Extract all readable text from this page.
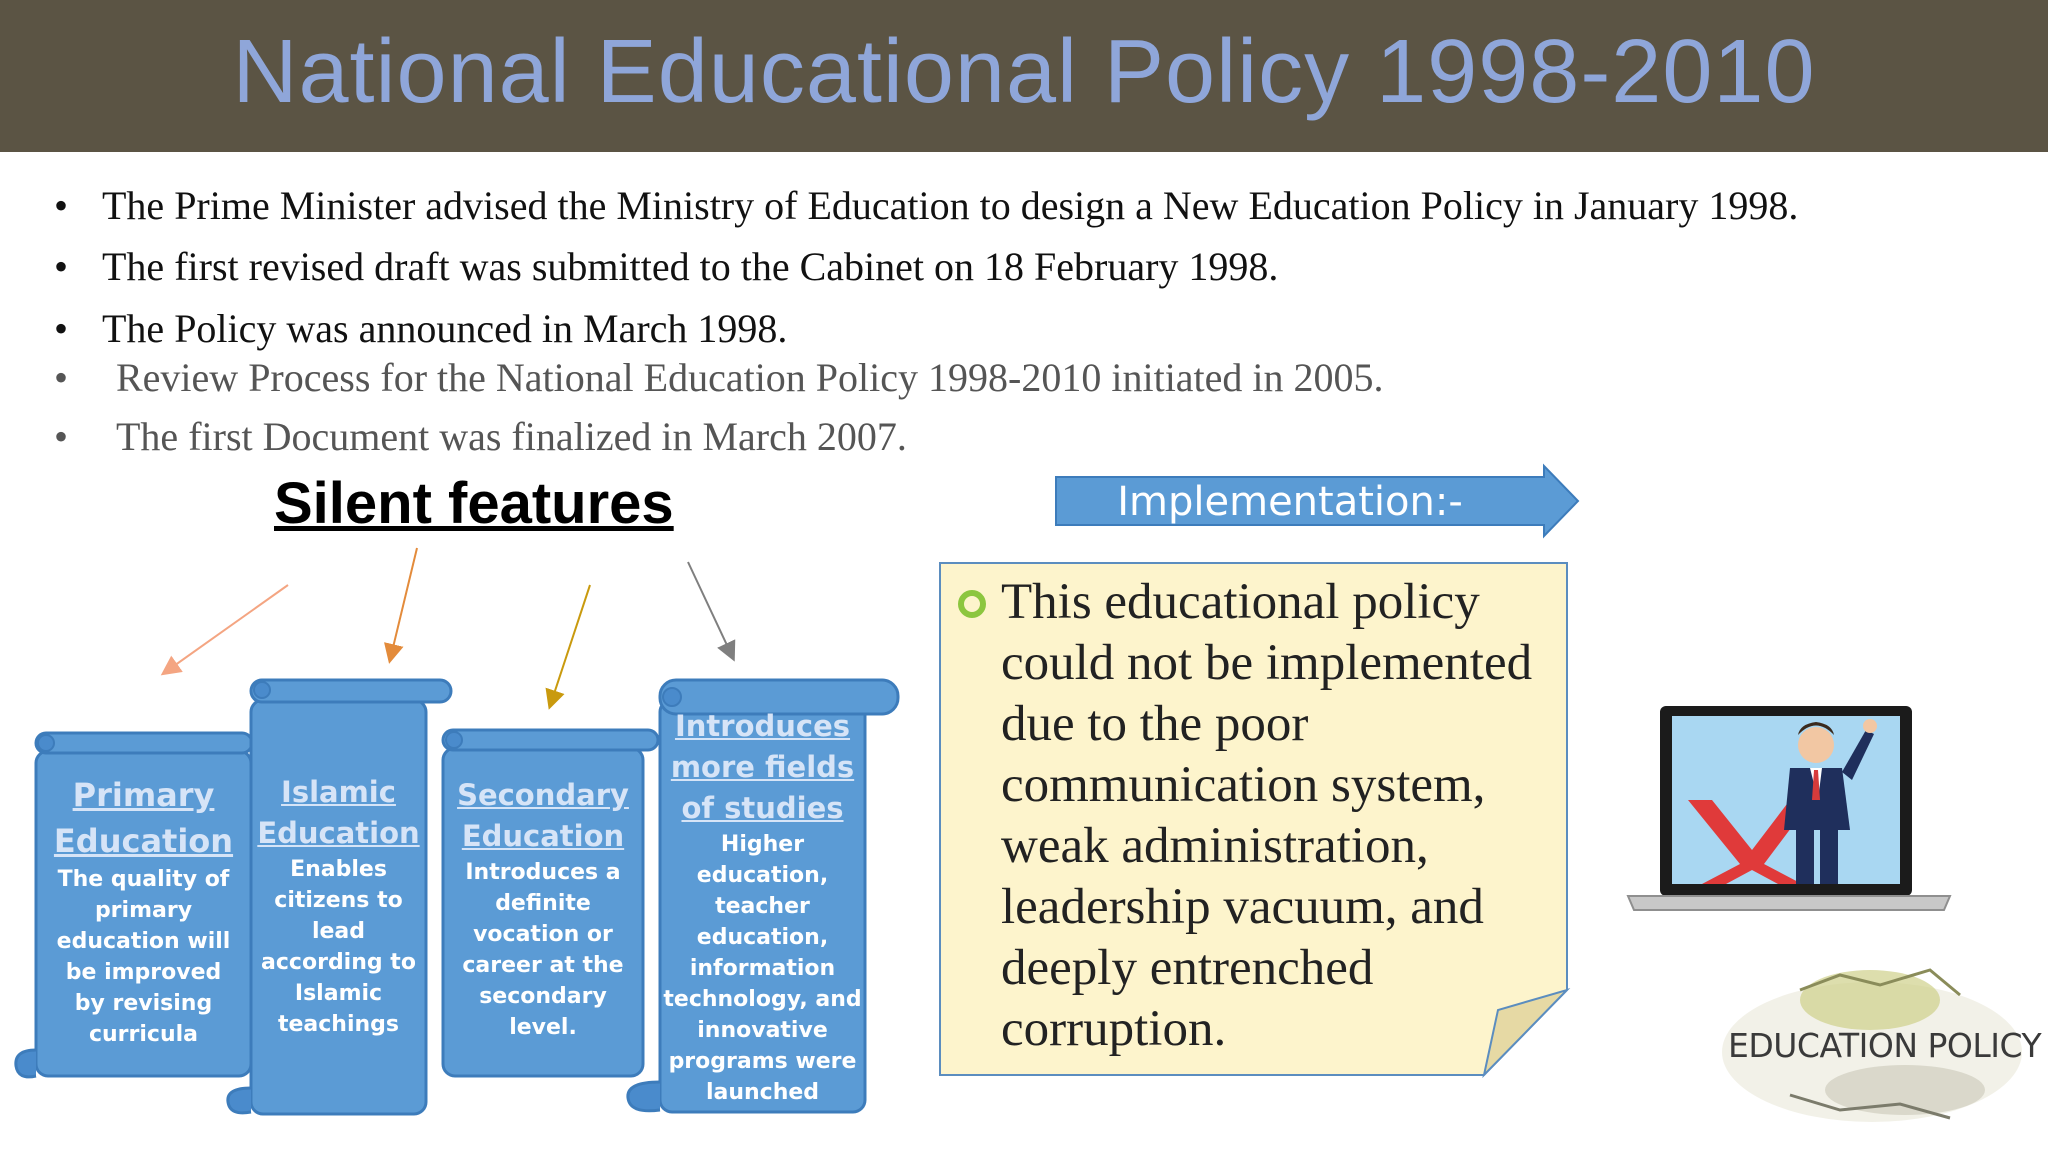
National Educational Policy 1998-2010
• The Prime Minister advised the Ministry of Education to design a New Education Policy in January 1998.
• The first revised draft was submitted to the Cabinet on 18 February 1998.
• The Policy was announced in March 1998.
• Review Process for the National Education Policy 1998-2010 initiated in 2005.
• The first Document was finalized in March 2007.
Silent features
Primary
Education
The quality of
primary
education will
be improved
by revising
curricula
Islamic
Education
Enables
citizens to
lead
according to
Islamic
teachings
Secondary
Education
Introduces a
definite
vocation or
career at the
secondary
level.
Introduces
more fields
of studies
Higher
education,
teacher
education,
information
technology, and
innovative
programs were
launched
Implementation:-
This educational policy
could not be implemented
due to the poor
communication system,
weak administration,
leadership vacuum, and
deeply entrenched
corruption.	EDUCATION POLICY
